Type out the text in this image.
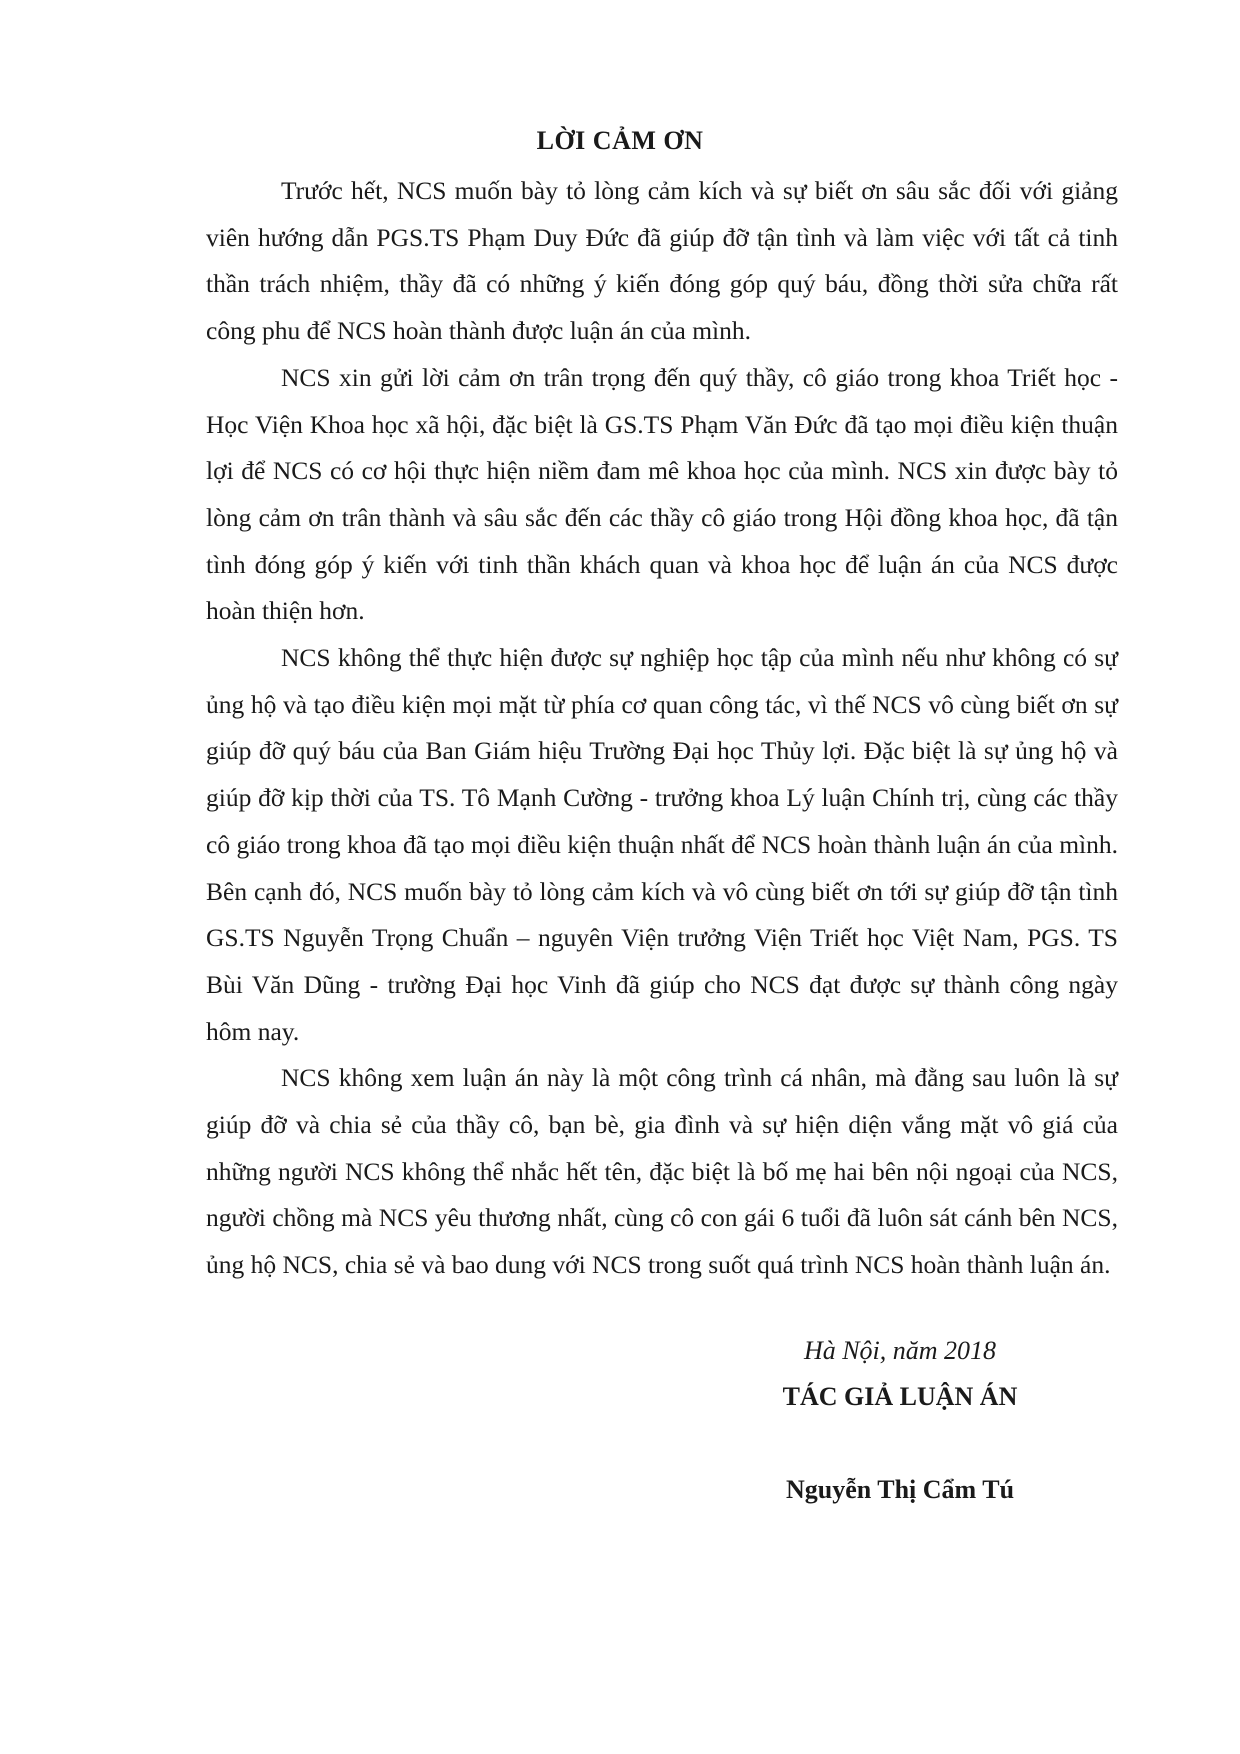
LỜI CẢM ƠN

Trước hết, NCS muốn bày tỏ lòng cảm kích và sự biết ơn sâu sắc đối với giảng viên hướng dẫn PGS.TS Phạm Duy Đức đã giúp đỡ tận tình và làm việc với tất cả tinh thần trách nhiệm, thầy đã có những ý kiến đóng góp quý báu, đồng thời sửa chữa rất công phu để NCS hoàn thành được luận án của mình.

NCS xin gửi lời cảm ơn trân trọng đến quý thầy, cô giáo trong khoa Triết học - Học Viện Khoa học xã hội, đặc biệt là GS.TS Phạm Văn Đức đã tạo mọi điều kiện thuận lợi để NCS có cơ hội thực hiện niềm đam mê khoa học của mình. NCS xin được bày tỏ lòng cảm ơn trân thành và sâu sắc đến các thầy cô giáo trong Hội đồng khoa học, đã tận tình đóng góp ý kiến với tinh thần khách quan và khoa học để luận án của NCS được hoàn thiện hơn.

NCS không thể thực hiện được sự nghiệp học tập của mình nếu như không có sự ủng hộ và tạo điều kiện mọi mặt từ phía cơ quan công tác, vì thế NCS vô cùng biết ơn sự giúp đỡ quý báu của Ban Giám hiệu Trường Đại học Thủy lợi. Đặc biệt là sự ủng hộ và giúp đỡ kịp thời của TS. Tô Mạnh Cường - trưởng khoa Lý luận Chính trị, cùng các thầy cô giáo trong khoa đã tạo mọi điều kiện thuận nhất để NCS hoàn thành luận án của mình. Bên cạnh đó, NCS muốn bày tỏ lòng cảm kích và vô cùng biết ơn tới sự giúp đỡ tận tình GS.TS Nguyễn Trọng Chuẩn – nguyên Viện trưởng Viện Triết học Việt Nam, PGS. TS Bùi Văn Dũng - trường Đại học Vinh đã giúp cho NCS đạt được sự thành công ngày hôm nay.

NCS không xem luận án này là một công trình cá nhân, mà đằng sau luôn là sự giúp đỡ và chia sẻ của thầy cô, bạn bè, gia đình và sự hiện diện vắng mặt vô giá của những người NCS không thể nhắc hết tên, đặc biệt là bố mẹ hai bên nội ngoại của NCS, người chồng mà NCS yêu thương nhất, cùng cô con gái 6 tuổi đã luôn sát cánh bên NCS, ủng hộ NCS, chia sẻ và bao dung với NCS trong suốt quá trình NCS hoàn thành luận án.

Hà Nội, năm 2018
TÁC GIẢ LUẬN ÁN
Nguyễn Thị Cẩm Tú
